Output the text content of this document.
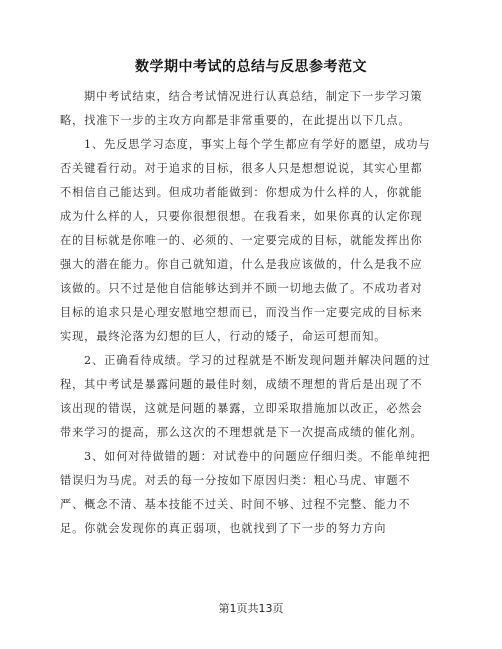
数学期中考试的总结与反思参考范文
期中考试结束，结合考试情况进行认真总结，制定下一步学习策
略，找准下一步的主攻方向都是非常重要的，在此提出以下几点。
1、先反思学习态度，事实上每个学生都应有学好的愿望，成功与
否关键看行动。对于追求的目标，很多人只是想想说说，其实心里都
不相信自己能达到。但成功者能做到：你想成为什么样的人，你就能
成为什么样的人，只要你很想很想。在我看来，如果你真的认定你现
在的目标就是你唯一的、必须的、一定要完成的目标，就能发挥出你
强大的潜在能力。你自己就知道，什么是我应该做的，什么是我不应
该做的。只不过是他自信能够达到并不顾一切地去做了。不成功者对
目标的追求只是心理安慰地空想而已，而没当作一定要完成的目标来
实现，最终沦落为幻想的巨人，行动的矮子，命运可想而知。
2、正确看待成绩。学习的过程就是不断发现问题并解决问题的过
程，其中考试是暴露问题的最佳时刻，成绩不理想的背后是出现了不
该出现的错误，这就是问题的暴露，立即采取措施加以改正，必然会
带来学习的提高，那么这次的不理想就是下一次提高成绩的催化剂。
3、如何对待做错的题：对试卷中的问题应仔细归类。不能单纯把
错误归为马虎。对丢的每一分按如下原因归类：粗心马虎、审题不
严、概念不清、基本技能不过关、时间不够、过程不完整、能力不
足。你就会发现你的真正弱项，也就找到了下一步的努力方向
第1页共13页
